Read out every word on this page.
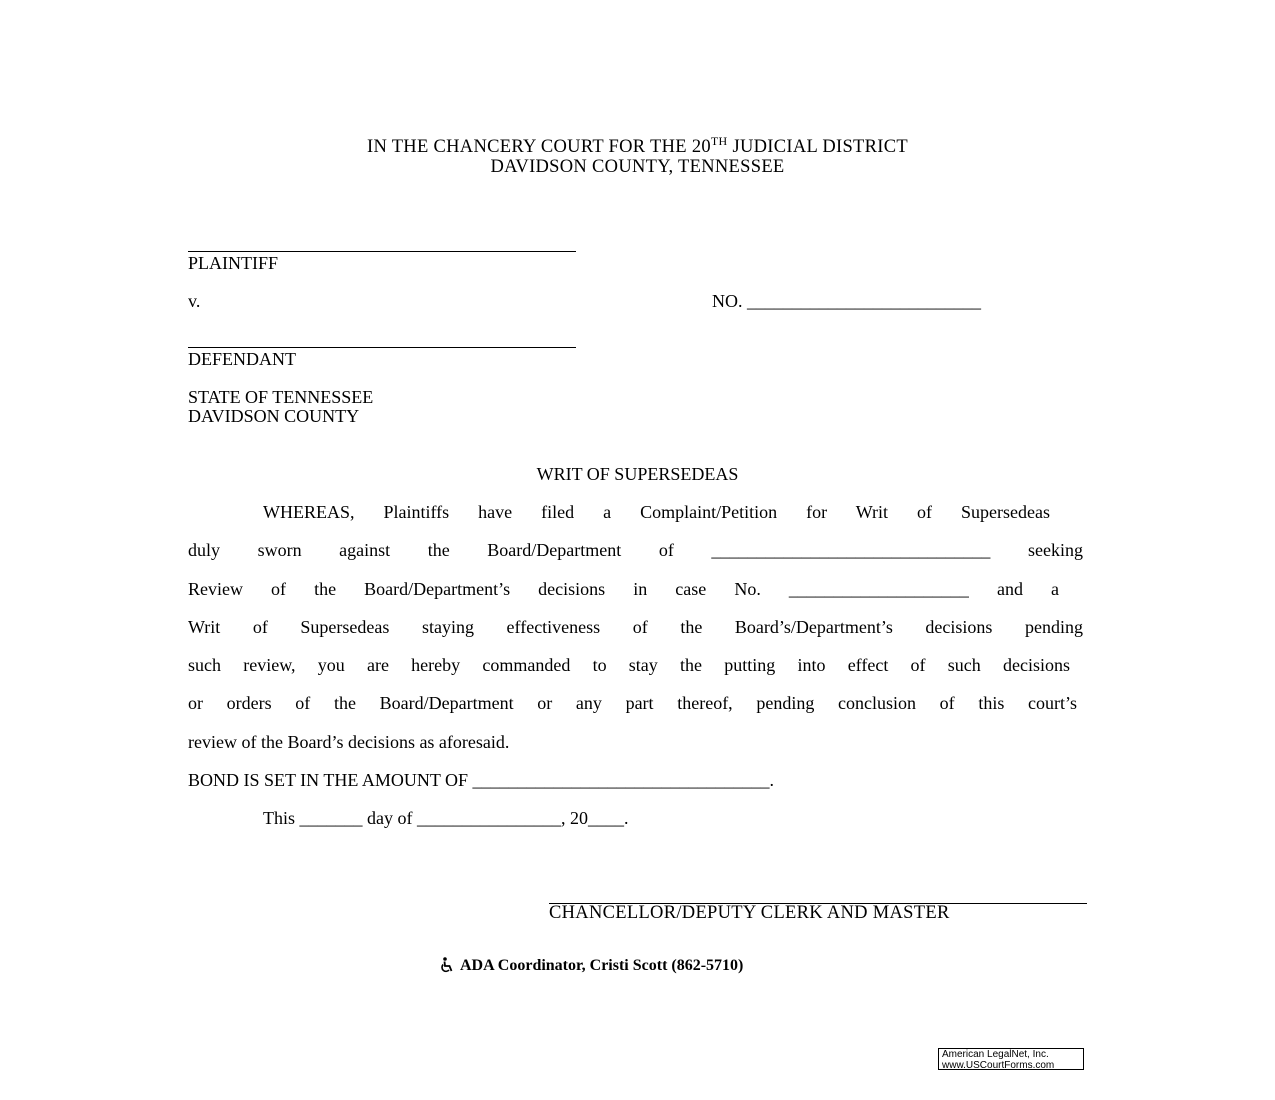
IN THE CHANCERY COURT FOR THE 20TH JUDICIAL DISTRICT
DAVIDSON COUNTY, TENNESSEE
PLAINTIFF
v.	NO. __________________________
DEFENDANT
STATE OF TENNESSEE
DAVIDSON COUNTY
WRIT OF SUPERSEDEAS
WHEREAS, Plaintiffs have filed a Complaint/Petition for Writ of Supersedeas
duly sworn against the Board/Department of _______________________________ seeking
Review of the Board/Department’s decisions in case No. ____________________ and a
Writ of Supersedeas staying effectiveness of the Board’s/Department’s decisions pending
such review, you are hereby commanded to stay the putting into effect of such decisions
or orders of the Board/Department or any part thereof, pending conclusion of this court’s
review of the Board’s decisions as aforesaid.
BOND IS SET IN THE AMOUNT OF _________________________________.
This _______ day of ________________, 20____.
CHANCELLOR/DEPUTY CLERK AND MASTER
ADA Coordinator, Cristi Scott (862-5710)
American LegalNet, Inc.
www.USCourtForms.com
